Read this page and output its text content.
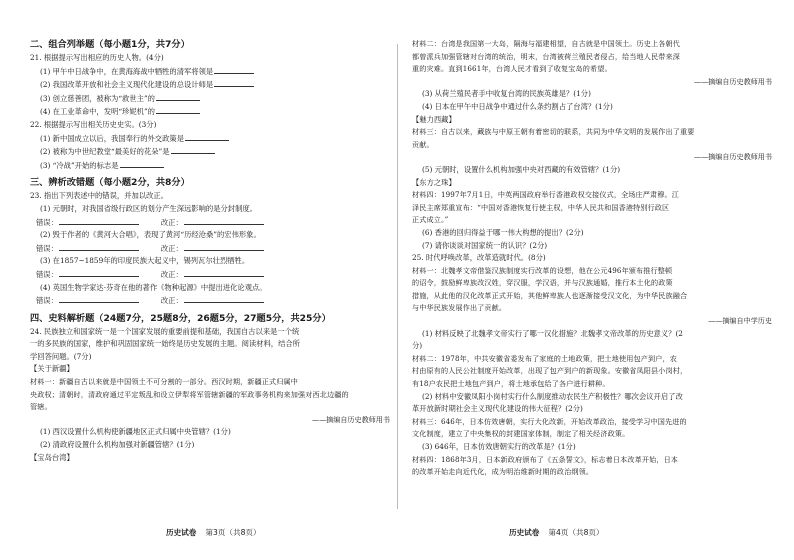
二、组合列举题（每小题1分，共7分）
21. 根据提示写出相应的历史人物。(4分)
(1) 甲午中日战争中，在黄海海战中牺牲的清军将领是
(2) 我国改革开放和社会主义现代化建设的总设计师是
(3) 创立慈善团，被称为“救世主”的
(4) 在工业革命中，发明“珍妮机”的
22. 根据提示写出相关历史史实。(3分)
(1) 新中国成立以后，我国奉行的外交政策是
(2) 被称为中世纪教堂“最美好的花朵”是
(3) “冷战”开始的标志是
三、辨析改错题（每小题2分，共8分）
23. 指出下列表述中的错误，并加以改正。
(1) 元朝时，对我国省级行政区的划分产生深远影响的是分封制度。
错误：	改正：
(2) 毁于作者的《黄河大合唱》，表现了黄河“历经沧桑”的宏伟形象。
错误：	改正：
(3) 在1857~1859年的印度民族大起义中，锡列瓦尔壮烈牺牲。
错误：	改正：
(4) 英国生物学家达·芬奇在他的著作《物种起源》中提出进化论观点。
错误：	改正：
四、史料解析题（24题7分，25题8分，26题5分，27题5分，共25分）
24. 民族独立和国家统一是一个国家发展的重要前提和基础，我国自古以来是一个统
一的多民族的国家，维护和巩固国家统一始终是历史发展的主题。阅读材料，结合所
学回答问题。(7分)
【关于新疆】
材料一：新疆自古以来就是中国领土不可分割的一部分。西汉时期，新疆正式归属中
央政权；清朝时，清政府通过平定叛乱和设立伊犁将军管辖新疆的军政事务机构来加强对西北边疆的
管辖。
——摘编自历史教师用书
(1) 西汉设置什么机构使新疆地区正式归属中央管辖？(1分)
(2) 清政府设置什么机构加强对新疆管辖？(1分)
【宝岛台湾】
材料二：台湾是我国第一大岛，隔海与福建相望，自古就是中国领土。历史上各朝代
都曾派兵加强管辖对台湾的统治，明末，台湾被荷兰殖民者侵占，给当地人民带来深
重的灾难。直到1661年，台湾人民才看到了收复宝岛的希望。
——摘编自历史教师用书
(3) 从荷兰殖民者手中收复台湾的民族英雄是？(1分)
(4) 日本在甲午中日战争中通过什么条约割占了台湾？(1分)
【魅力西藏】
材料三：自古以来，藏族与中原王朝有着密切的联系，共同为中华文明的发展作出了重要
贡献。
——摘编自历史教师用书
(5) 元朝时，设置什么机构加强中央对西藏的有效管辖？(1分)
【东方之珠】
材料四：1997年7月1日，中英两国政府举行香港政权交接仪式，全场庄严肃穆。江
泽民主席郑重宣布：“中国对香港恢复行使主权，中华人民共和国香港特别行政区
正式成立。”
(6) 香港的回归得益于哪一伟大构想的提出？(2分)
(7) 请你谈谈对国家统一的认识？(2分)
25. 时代呼唤改革，改革造就时代。(8分)
材料一：北魏孝文帝借鉴汉族制度实行改革的设想，他在公元496年颁布推行整顿
的诏令，鼓励鲜卑族改汉姓，穿汉服，学汉语，并与汉族通婚，推行本土化的政策
措施，从此他的汉化改革正式开始，其他鲜卑族人也逐渐接受汉文化，为中华民族融合
与中华民族发展作出了贡献。
——摘编自中学历史
(1) 材料反映了北魏孝文帝实行了哪一汉化措施？北魏孝文帝改革的历史意义？(2
分)
材料二：1978年，中共安徽省委发布了家庭的土地政策，把土地使用包产到户，农
村由原有的人民公社制度开始改革，出现了包产到户的新现象。安徽省凤阳县小岗村，
有18户农民把土地包产到户，将土地承包给了各户进行耕种。
(2) 材料中安徽凤阳小岗村实行什么制度推动农民生产积极性？哪次会议开启了改
革开放新时期社会主义现代化建设的伟大征程？(2分)
材料三：646年，日本仿效唐朝，实行大化改新，开始改革政治，接受学习中国先进的
文化制度，建立了中央集权的封建国家体制，制定了相关经济政策。
(3) 646年，日本仿效唐朝实行的改革是？(1分)
材料四：1868年3月，日本新政府颁布了《五条誓文》，标志着日本改革开始，日本
的改革开始走向近代化，成为明治维新时期的政治纲领。
历史试卷 第3页（共8页）	历史试卷 第4页（共8页）
